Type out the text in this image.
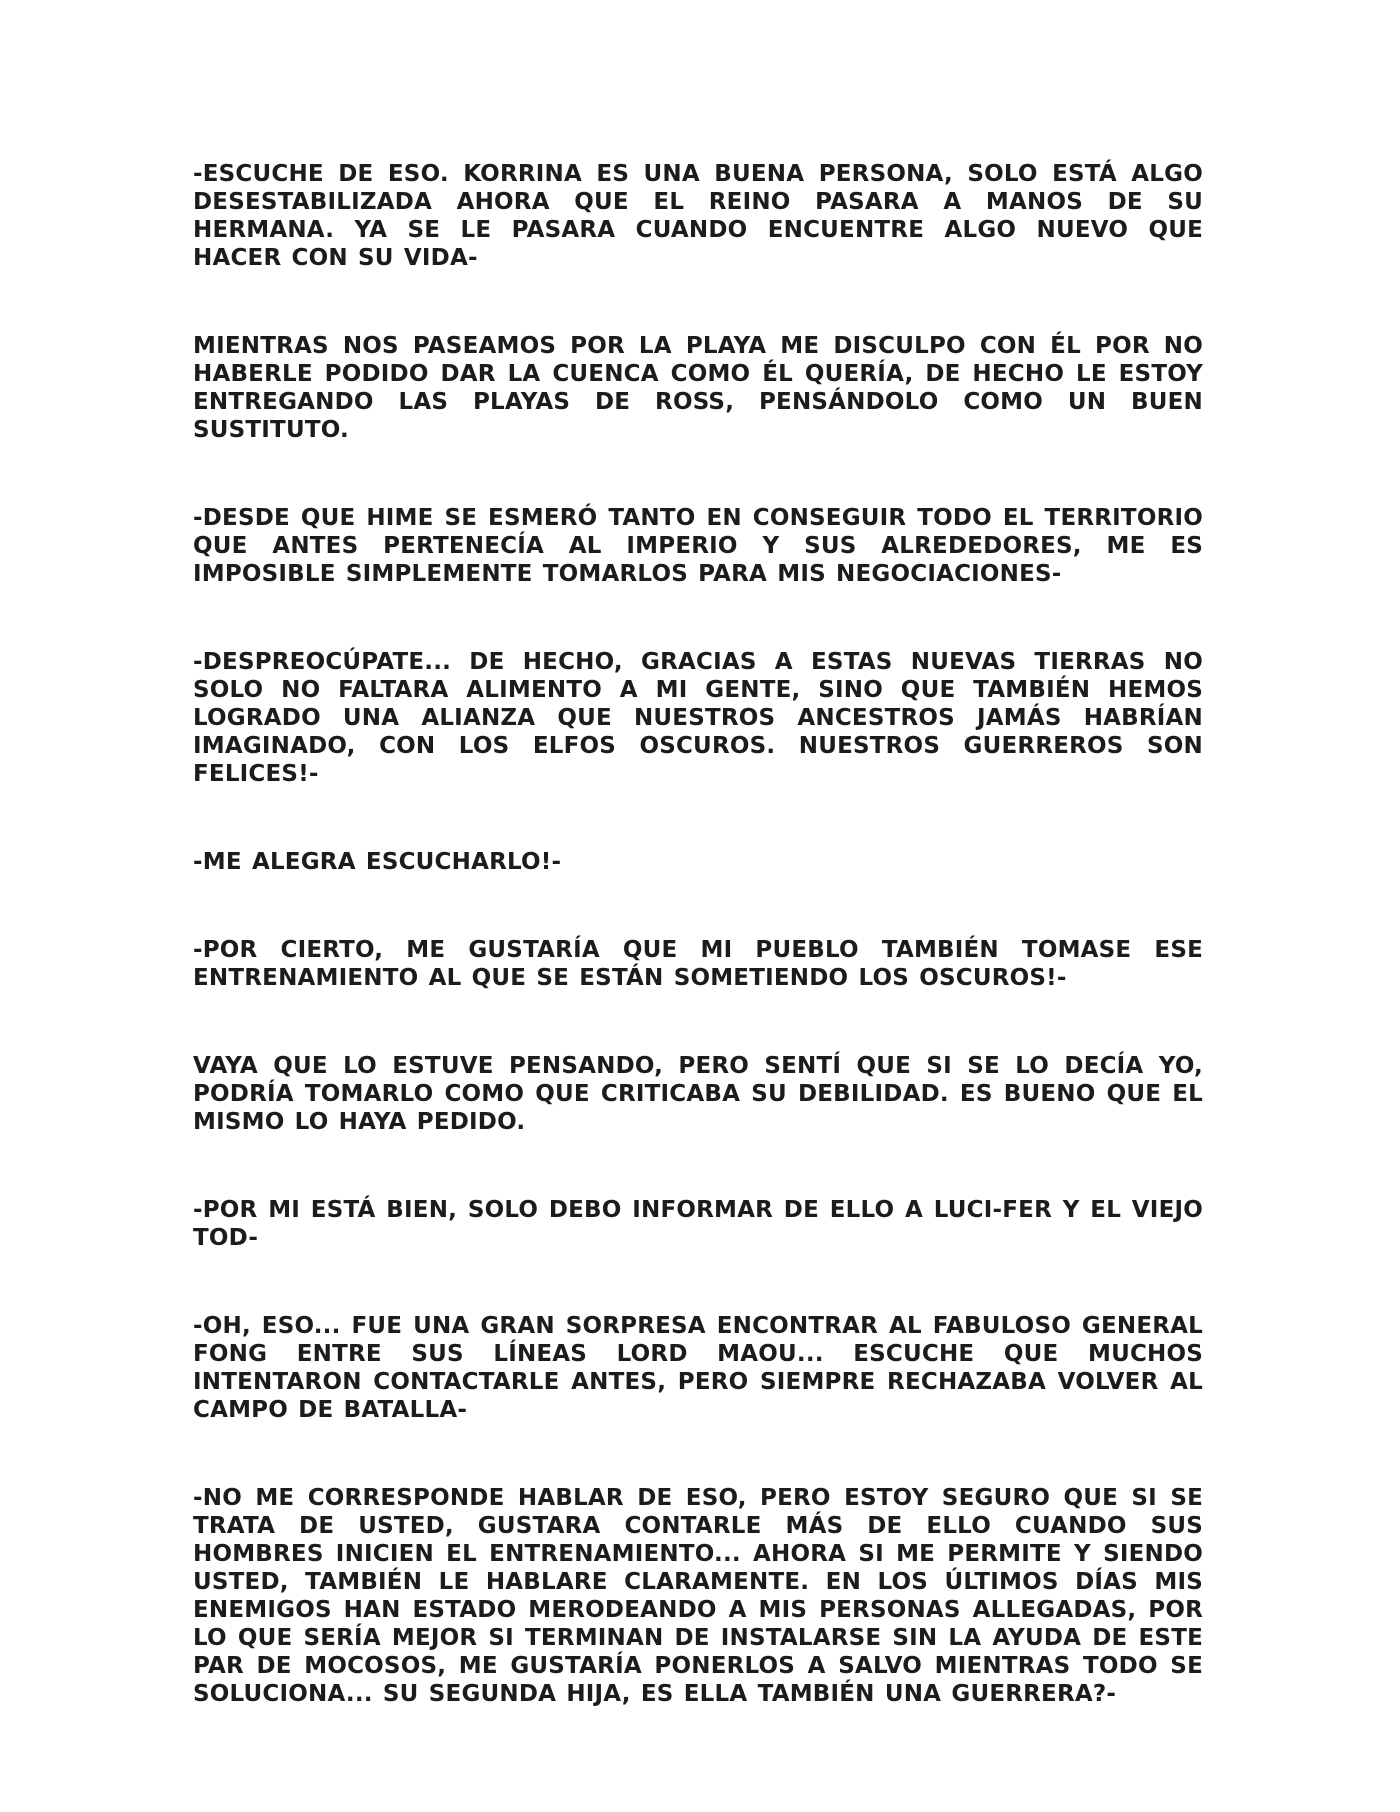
-ESCUCHE DE ESO. KORRINA ES UNA BUENA PERSONA, SOLO ESTÁ ALGO DESESTABILIZADA AHORA QUE EL REINO PASARA A MANOS DE SU HERMANA. YA SE LE PASARA CUANDO ENCUENTRE ALGO NUEVO QUE HACER CON SU VIDA-

MIENTRAS NOS PASEAMOS POR LA PLAYA ME DISCULPO CON ÉL POR NO HABERLE PODIDO DAR LA CUENCA COMO ÉL QUERÍA, DE HECHO LE ESTOY ENTREGANDO LAS PLAYAS DE ROSS, PENSÁNDOLO COMO UN BUEN SUSTITUTO.

-DESDE QUE HIME SE ESMERÓ TANTO EN CONSEGUIR TODO EL TERRITORIO QUE ANTES PERTENECÍA AL IMPERIO Y SUS ALREDEDORES, ME ES IMPOSIBLE SIMPLEMENTE TOMARLOS PARA MIS NEGOCIACIONES-

-DESPREOCÚPATE... DE HECHO, GRACIAS A ESTAS NUEVAS TIERRAS NO SOLO NO FALTARA ALIMENTO A MI GENTE, SINO QUE TAMBIÉN HEMOS LOGRADO UNA ALIANZA QUE NUESTROS ANCESTROS JAMÁS HABRÍAN IMAGINADO, CON LOS ELFOS OSCUROS. NUESTROS GUERREROS SON FELICES!-

-ME ALEGRA ESCUCHARLO!-

-POR CIERTO, ME GUSTARÍA QUE MI PUEBLO TAMBIÉN TOMASE ESE ENTRENAMIENTO AL QUE SE ESTÁN SOMETIENDO LOS OSCUROS!-

VAYA QUE LO ESTUVE PENSANDO, PERO SENTÍ QUE SI SE LO DECÍA YO, PODRÍA TOMARLO COMO QUE CRITICABA SU DEBILIDAD. ES BUENO QUE EL MISMO LO HAYA PEDIDO.

-POR MI ESTÁ BIEN, SOLO DEBO INFORMAR DE ELLO A LUCI-FER Y EL VIEJO TOD-

-OH, ESO... FUE UNA GRAN SORPRESA ENCONTRAR AL FABULOSO GENERAL FONG ENTRE SUS LÍNEAS LORD MAOU... ESCUCHE QUE MUCHOS INTENTARON CONTACTARLE ANTES, PERO SIEMPRE RECHAZABA VOLVER AL CAMPO DE BATALLA-

-NO ME CORRESPONDE HABLAR DE ESO, PERO ESTOY SEGURO QUE SI SE TRATA DE USTED, GUSTARA CONTARLE MÁS DE ELLO CUANDO SUS HOMBRES INICIEN EL ENTRENAMIENTO... AHORA SI ME PERMITE Y SIENDO USTED, TAMBIÉN LE HABLARE CLARAMENTE. EN LOS ÚLTIMOS DÍAS MIS ENEMIGOS HAN ESTADO MERODEANDO A MIS PERSONAS ALLEGADAS, POR LO QUE SERÍA MEJOR SI TERMINAN DE INSTALARSE SIN LA AYUDA DE ESTE PAR DE MOCOSOS, ME GUSTARÍA PONERLOS A SALVO MIENTRAS TODO SE SOLUCIONA... SU SEGUNDA HIJA, ES ELLA TAMBIÉN UNA GUERRERA?-
